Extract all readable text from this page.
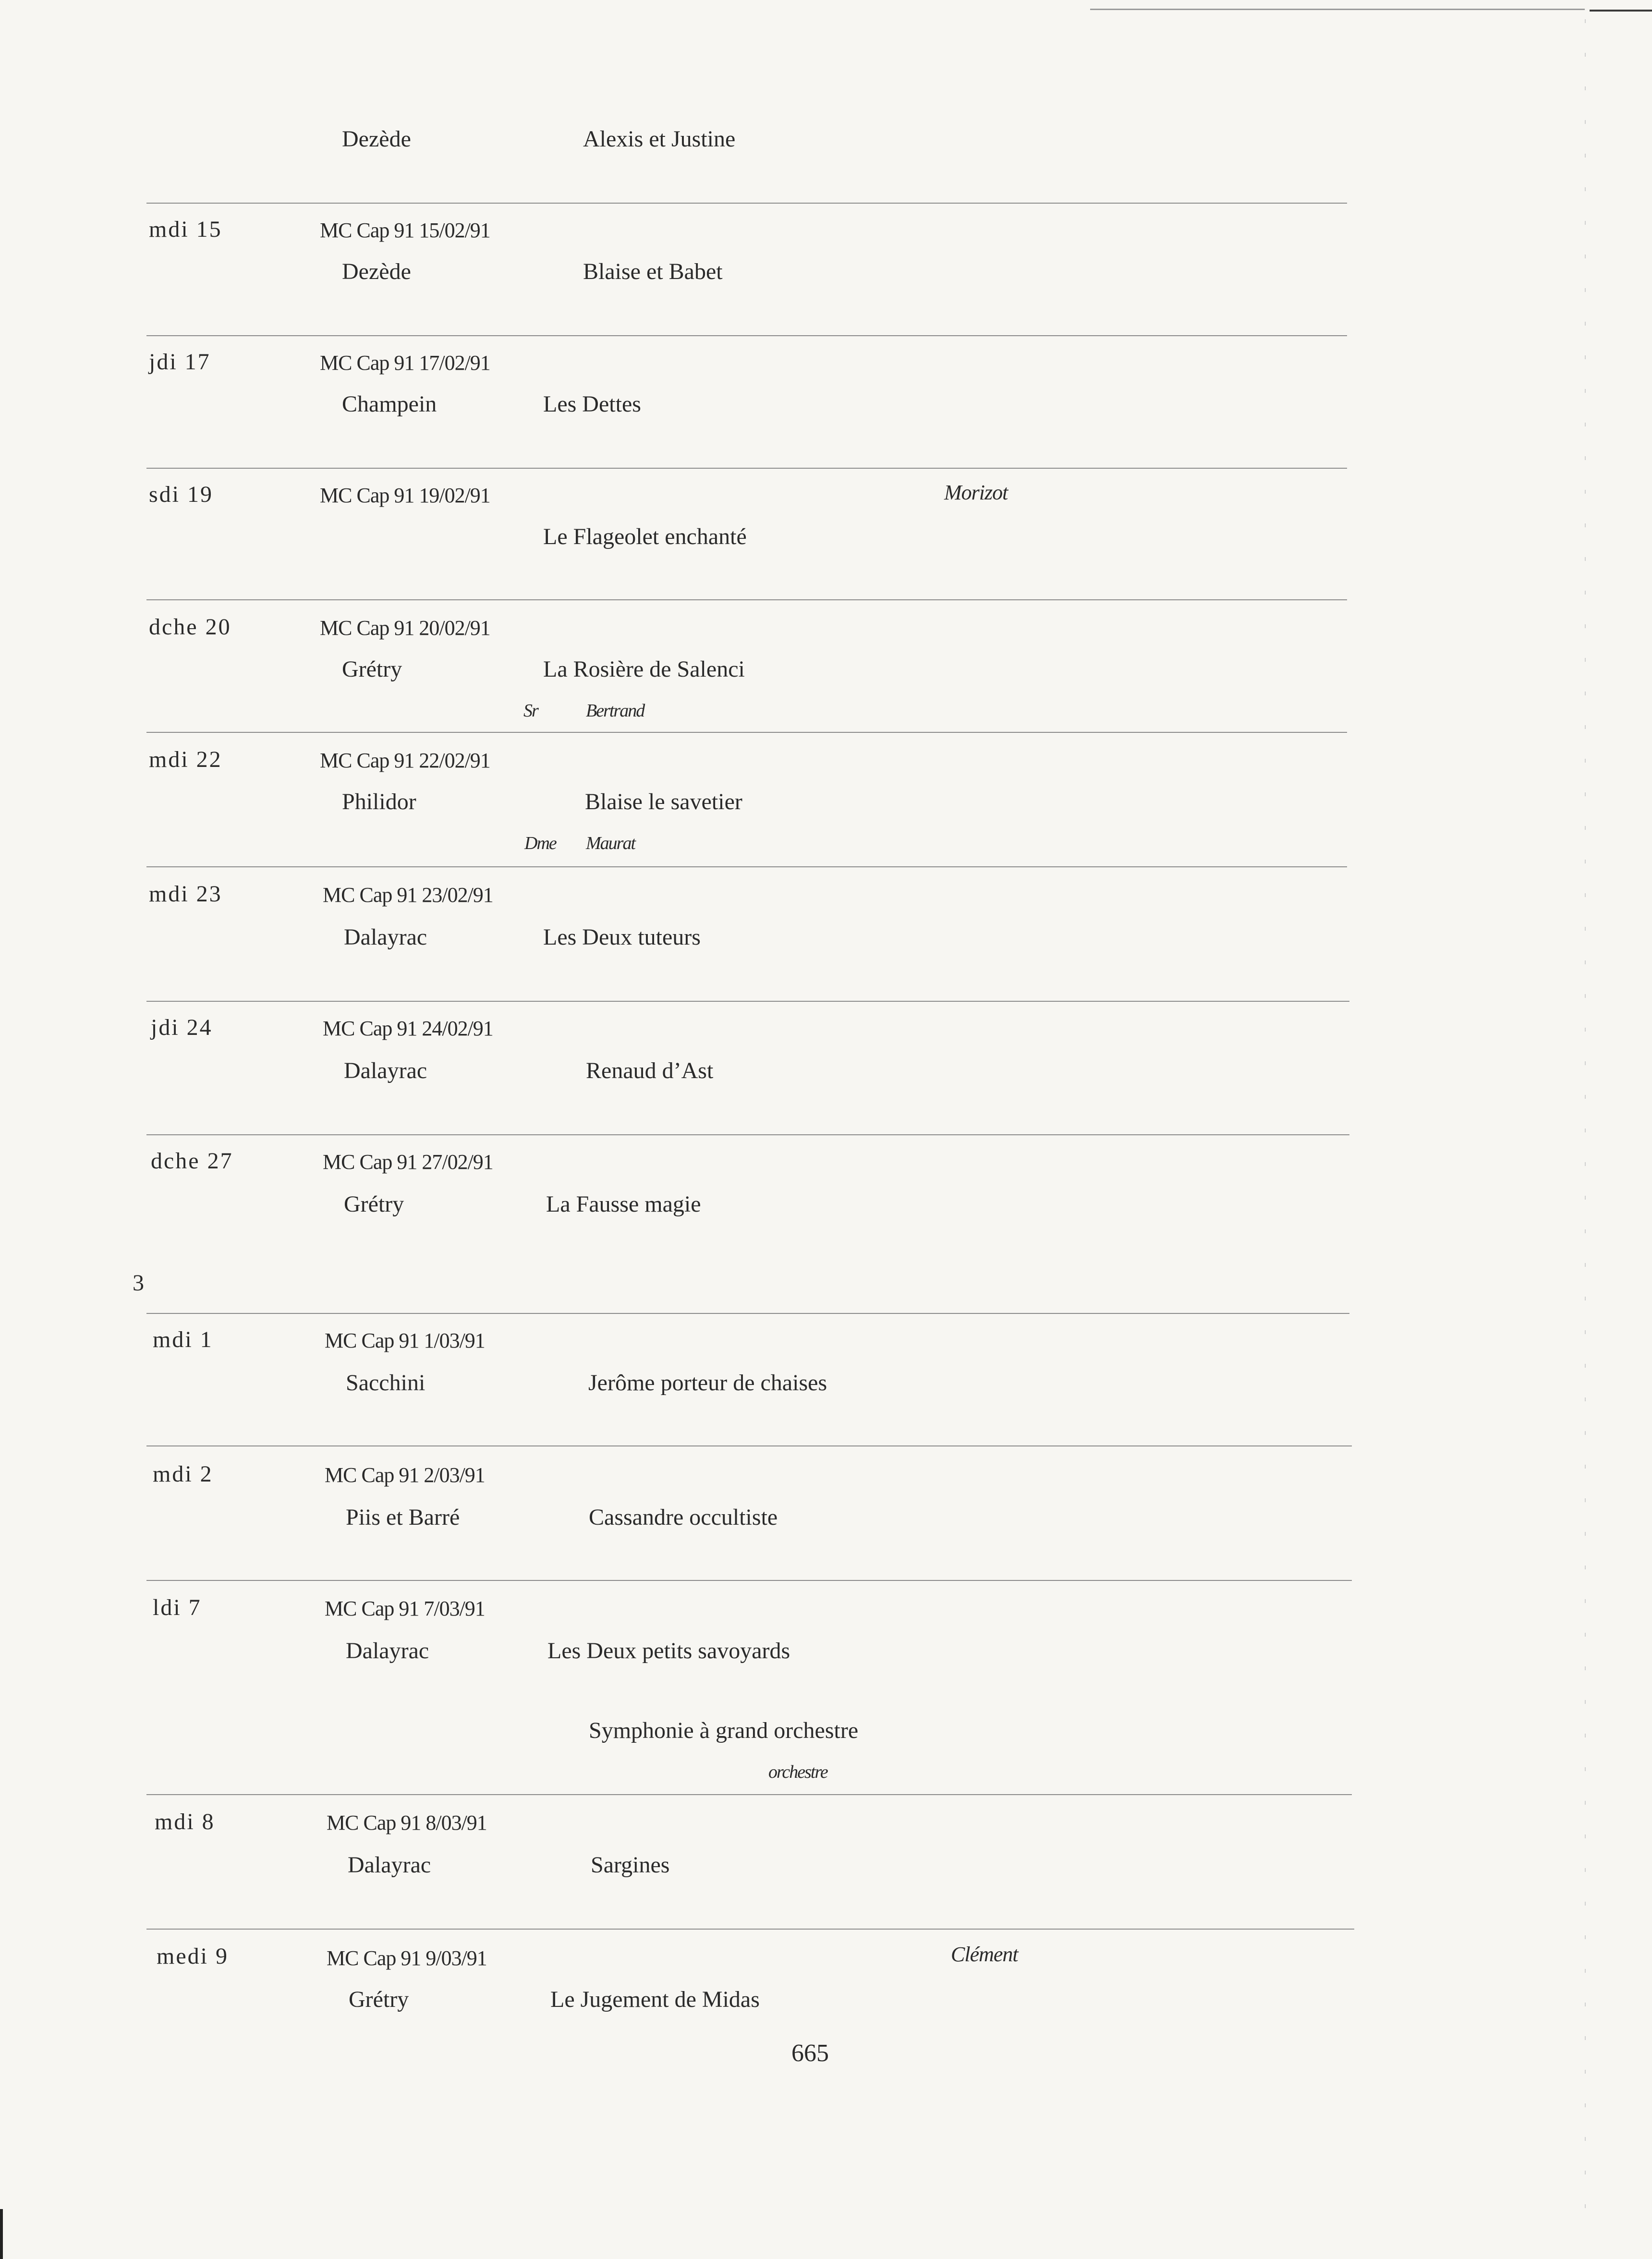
Dezède	Alexis et Justine
mdi 15	MC Cap 91 15/02/91
Dezède	Blaise et Babet
jdi 17	MC Cap 91 17/02/91
Champein	Les Dettes
sdi 19	MC Cap 91 19/02/91	Morizot
Le Flageolet enchanté
dche 20	MC Cap 91 20/02/91
Grétry	La Rosière de Salenci
Sr	Bertrand
mdi 22	MC Cap 91 22/02/91
Philidor	Blaise le savetier
Dme Maurat
mdi 23	MC Cap 91 23/02/91
Dalayrac	Les Deux tuteurs
jdi 24	MC Cap 91 24/02/91
Dalayrac	Renaud d’Ast
dche 27	MC Cap 91 27/02/91
Grétry	La Fausse magie
3
mdi 1	MC Cap 91 1/03/91
Sacchini	Jerôme porteur de chaises
mdi 2	MC Cap 91 2/03/91
Piis et Barré	Cassandre occultiste
ldi 7	MC Cap 91 7/03/91
Dalayrac	Les Deux petits savoyards
Symphonie à grand orchestre
orchestre
mdi 8	MC Cap 91 8/03/91
Dalayrac	Sargines
medi 9	MC Cap 91 9/03/91	Clément
Grétry	Le Jugement de Midas
665
